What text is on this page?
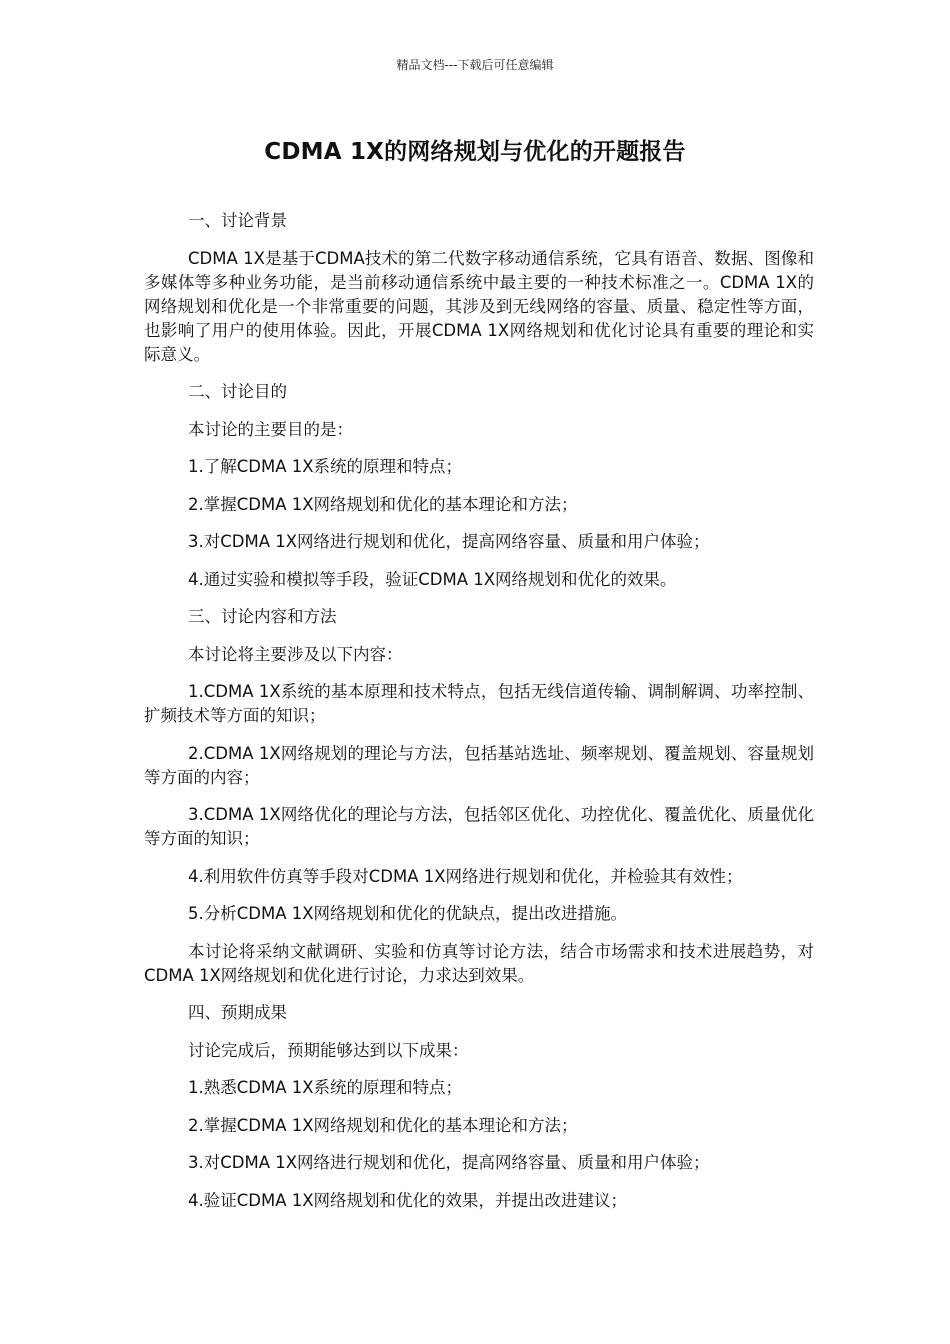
精品文档---下载后可任意编辑
CDMA 1X的网络规划与优化的开题报告

一、讨论背景

CDMA 1X是基于CDMA技术的第二代数字移动通信系统，它具有语音、数据、图像和多媒体等多种业务功能，是当前移动通信系统中最主要的一种技术标准之一。CDMA 1X的网络规划和优化是一个非常重要的问题，其涉及到无线网络的容量、质量、稳定性等方面，也影响了用户的使用体验。因此，开展CDMA 1X网络规划和优化讨论具有重要的理论和实际意义。

二、讨论目的

本讨论的主要目的是：

1.了解CDMA 1X系统的原理和特点；

2.掌握CDMA 1X网络规划和优化的基本理论和方法；

3.对CDMA 1X网络进行规划和优化，提高网络容量、质量和用户体验；

4.通过实验和模拟等手段，验证CDMA 1X网络规划和优化的效果。

三、讨论内容和方法

本讨论将主要涉及以下内容：

1.CDMA 1X系统的基本原理和技术特点，包括无线信道传输、调制解调、功率控制、扩频技术等方面的知识；

2.CDMA 1X网络规划的理论与方法，包括基站选址、频率规划、覆盖规划、容量规划等方面的内容；

3.CDMA 1X网络优化的理论与方法，包括邻区优化、功控优化、覆盖优化、质量优化等方面的知识；

4.利用软件仿真等手段对CDMA 1X网络进行规划和优化，并检验其有效性；

5.分析CDMA 1X网络规划和优化的优缺点，提出改进措施。

本讨论将采纳文献调研、实验和仿真等讨论方法，结合市场需求和技术进展趋势，对CDMA 1X网络规划和优化进行讨论，力求达到效果。

四、预期成果

讨论完成后，预期能够达到以下成果：

1.熟悉CDMA 1X系统的原理和特点；

2.掌握CDMA 1X网络规划和优化的基本理论和方法；

3.对CDMA 1X网络进行规划和优化，提高网络容量、质量和用户体验；

4.验证CDMA 1X网络规划和优化的效果，并提出改进建议；
